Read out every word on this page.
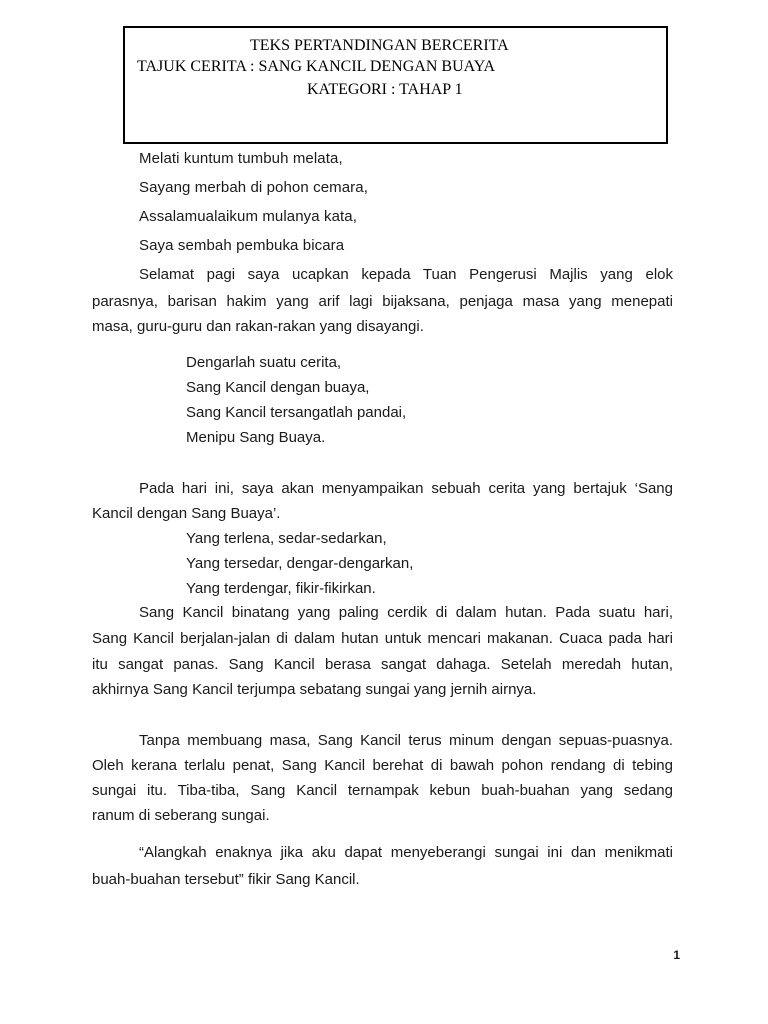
TEKS PERTANDINGAN BERCERITA
TAJUK CERITA : SANG KANCIL DENGAN BUAYA
KATEGORI : TAHAP 1
Melati kuntum tumbuh melata,
Sayang merbah di pohon cemara,
Assalamualaikum mulanya kata,
Saya sembah pembuka bicara
Selamat pagi saya ucapkan kepada Tuan Pengerusi Majlis yang elok
parasnya, barisan hakim yang arif lagi bijaksana, penjaga masa yang menepati
masa, guru-guru dan rakan-rakan yang disayangi.
Dengarlah suatu cerita,
Sang Kancil dengan buaya,
Sang Kancil tersangatlah pandai,
Menipu Sang Buaya.
Pada hari ini, saya akan menyampaikan sebuah cerita yang bertajuk ‘Sang
Kancil dengan Sang Buaya’.
Yang terlena, sedar-sedarkan,
Yang tersedar, dengar-dengarkan,
Yang terdengar, fikir-fikirkan.
Sang Kancil binatang yang paling cerdik di dalam hutan. Pada suatu hari,
Sang Kancil berjalan-jalan di dalam hutan untuk mencari makanan. Cuaca pada hari
itu sangat panas. Sang Kancil berasa sangat dahaga. Setelah meredah hutan,
akhirnya Sang Kancil terjumpa sebatang sungai yang jernih airnya.
Tanpa membuang masa, Sang Kancil terus minum dengan sepuas-puasnya.
Oleh kerana terlalu penat, Sang Kancil berehat di bawah pohon rendang di tebing
sungai itu. Tiba-tiba, Sang Kancil ternampak kebun buah-buahan yang sedang
ranum di seberang sungai.
“Alangkah enaknya jika aku dapat menyeberangi sungai ini dan menikmati
buah-buahan tersebut” fikir Sang Kancil.
1
